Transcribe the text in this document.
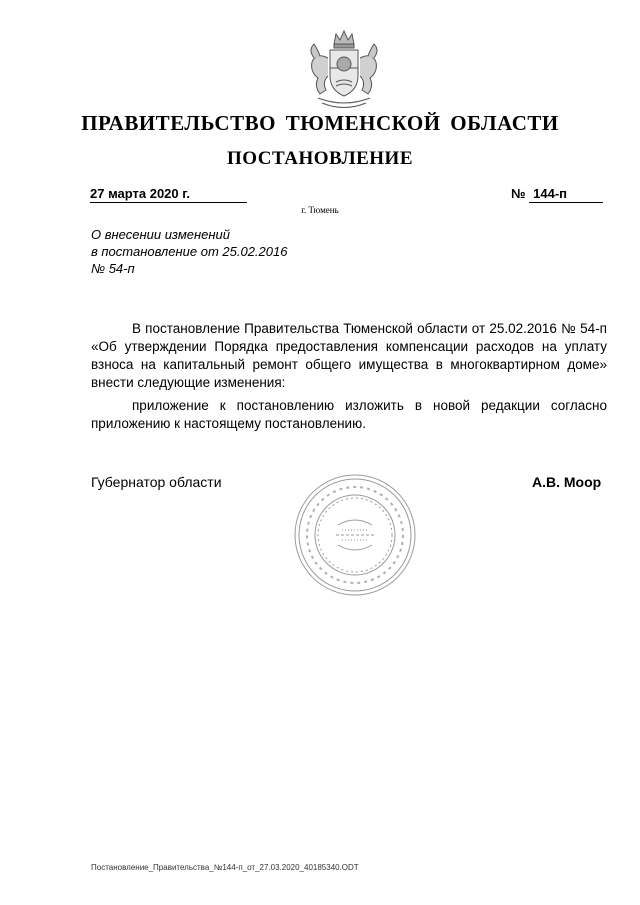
ПРАВИТЕЛЬСТВО ТЮМЕНСКОЙ ОБЛАСТИ
ПОСТАНОВЛЕНИЕ
27 марта 2020 г.	№ 144-п
г. Тюмень
О внесении изменений
в постановление от 25.02.2016
№ 54-п

В постановление Правительства Тюменской области от 25.02.2016 № 54-п «Об утверждении Порядка предоставления компенсации расходов на уплату взноса на капитальный ремонт общего имущества в многоквартирном доме» внести следующие изменения:

приложение к постановлению изложить в новой редакции согласно приложению к настоящему постановлению.

Губернатор области	А.В. Моор
Постановление_Правительства_№144-п_от_27.03.2020_40185340.ODT
